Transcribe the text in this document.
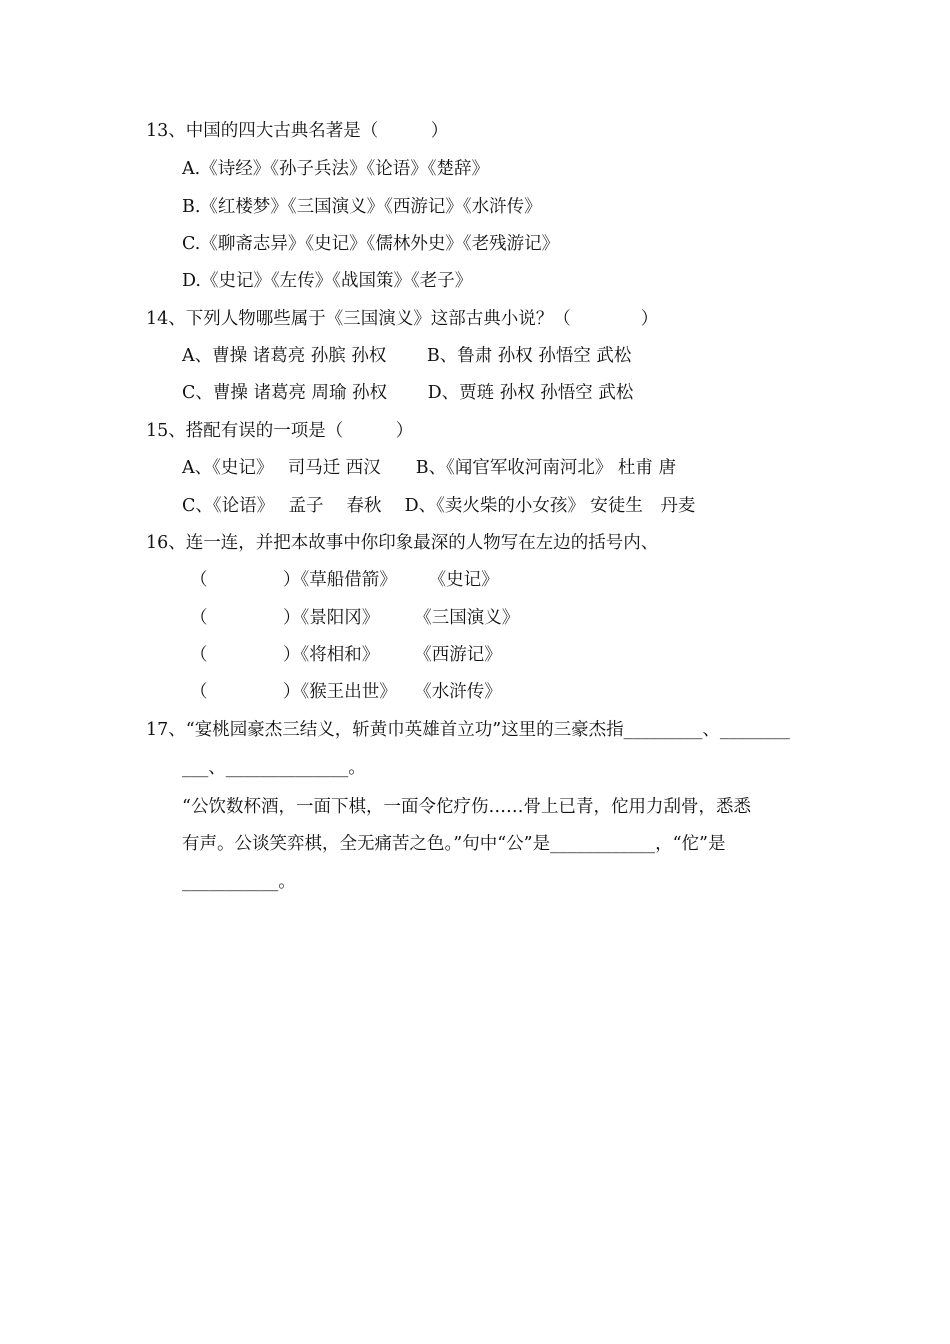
13、中国的四大古典名著是（　　　）
A.《诗经》《孙子兵法》《论语》《楚辞》
B.《红楼梦》《三国演义》《西游记》《水浒传》
C.《聊斋志异》《史记》《儒林外史》《老残游记》
D.《史记》《左传》《战国策》《老子》
14、下列人物哪些属于《三国演义》这部古典小说？（　　　　）
A、曹操 诸葛亮 孙膑 孙权　　 B、鲁肃 孙权 孙悟空 武松
C、曹操 诸葛亮 周瑜 孙权　　 D、贾琏 孙权 孙悟空 武松
15、搭配有误的一项是（　　　）
A、《史记》　 司马迁 西汉　　B、《闻官军收河南河北》 杜甫 唐
C、《论语》　 孟子　 春秋　 D、《卖火柴的小女孩》 安徒生　丹麦
16、连一连，并把本故事中你印象最深的人物写在左边的括号内、
（　　　　 ）《草船借箭》　　 《史记》
（　　　　 ）《景阳冈》　　　《三国演义》
（　　　　 ）《将相和》　　　《西游记》
（　　　　 ）《猴王出世》　　《水浒传》
17、“宴桃园豪杰三结义，斩黄巾英雄首立功”这里的三豪杰指_________、________
___、______________。
“公饮数杯酒，一面下棋，一面令佗疗伤……骨上已青，佗用力刮骨，悉悉
有声。公谈笑弈棋，全无痛苦之色。”句中“公”是____________，“佗”是
___________。
